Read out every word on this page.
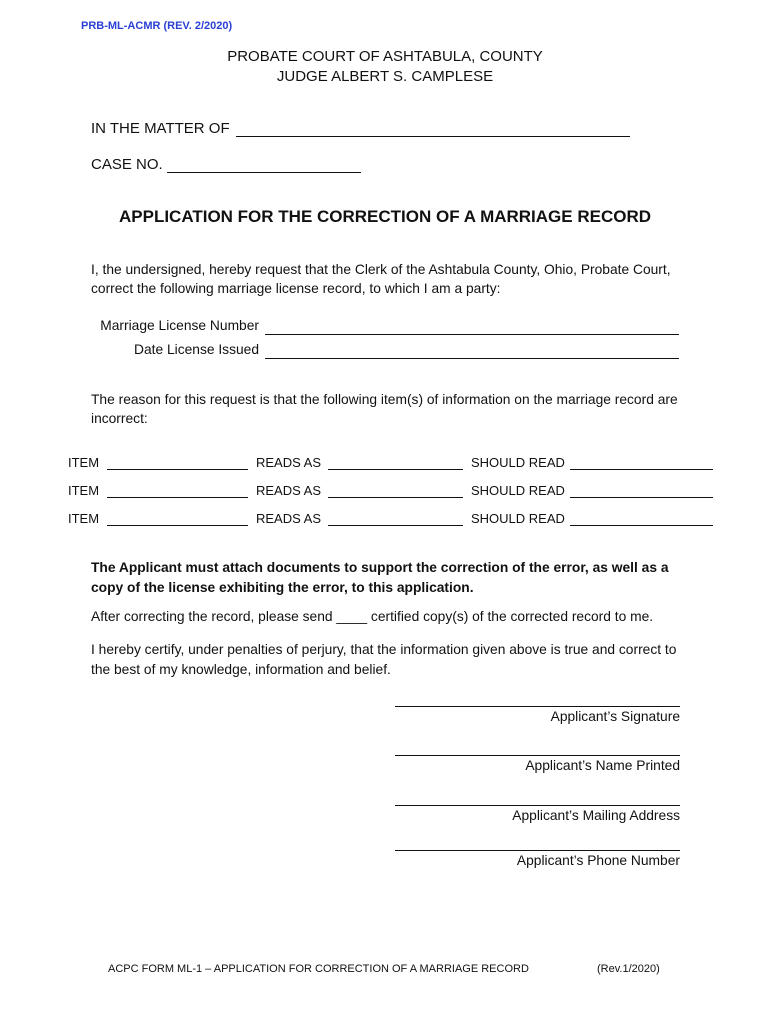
PRB-ML-ACMR (REV. 2/2020)
PROBATE COURT OF ASHTABULA, COUNTY
JUDGE ALBERT S. CAMPLESE
IN THE MATTER OF
CASE NO.
APPLICATION FOR THE CORRECTION OF A MARRIAGE RECORD
I, the undersigned, hereby request that the Clerk of the Ashtabula County, Ohio, Probate Court, correct the following marriage license record, to which I am a party:
Marriage License Number
Date License Issued
The reason for this request is that the following item(s) of information on the marriage record are incorrect:
ITEM	READS AS	SHOULD READ
ITEM	READS AS	SHOULD READ
ITEM	READS AS	SHOULD READ
The Applicant must attach documents to support the correction of the error, as well as a copy of the license exhibiting the error, to this application.
After correcting the record, please send ____ certified copy(s) of the corrected record to me.
I hereby certify, under penalties of perjury, that the information given above is true and correct to the best of my knowledge, information and belief.
Applicant’s Signature
Applicant’s Name Printed
Applicant’s Mailing Address
Applicant’s Phone Number
ACPC FORM ML-1 – APPLICATION FOR CORRECTION OF A MARRIAGE RECORD	(Rev.1/2020)
